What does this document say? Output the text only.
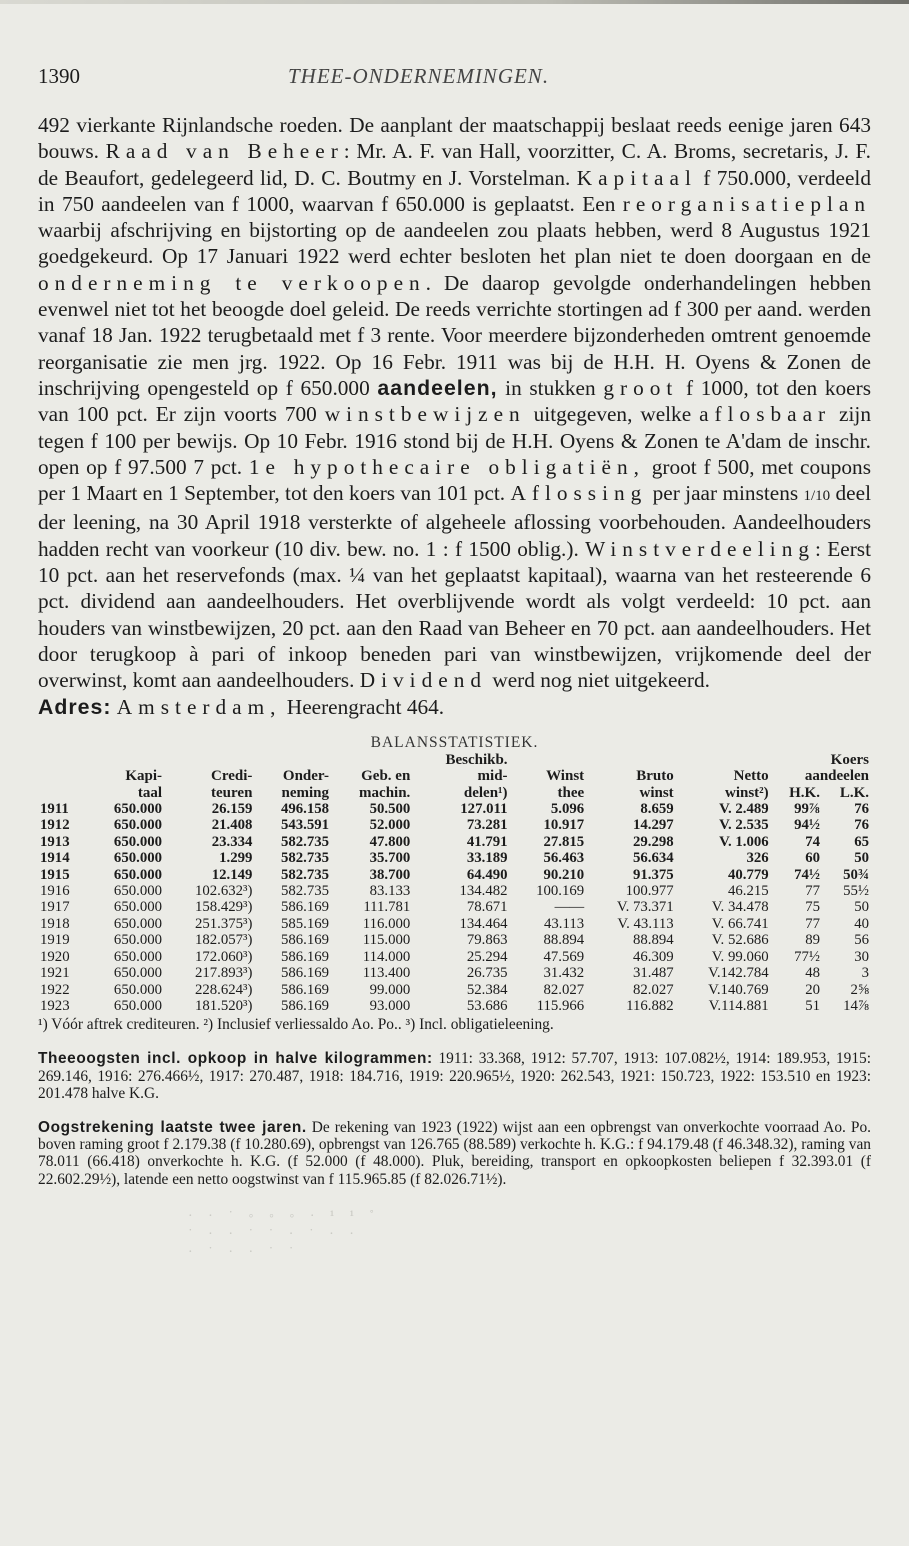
1390	THEE-ONDERNEMINGEN.

492 vierkante Rijnlandsche roeden. De aanplant der maatschappij beslaat reeds eenige jaren 643 bouws. Raad van Beheer: Mr. A. F. van Hall, voorzitter, C. A. Broms, secretaris, J. F. de Beaufort, gedelegeerd lid, D. C. Boutmy en J. Vorstelman. Kapitaal f 750.000, verdeeld in 750 aandeelen van f 1000, waarvan f 650.000 is geplaatst. Een reorganisatieplan waarbij afschrijving en bijstorting op de aandeelen zou plaats hebben, werd 8 Augustus 1921 goedgekeurd. Op 17 Januari 1922 werd echter besloten het plan niet te doen doorgaan en de onderneming te verkoopen. De daarop gevolgde onderhandelingen hebben evenwel niet tot het beoogde doel geleid. De reeds verrichte stortingen ad f 300 per aand. werden vanaf 18 Jan. 1922 terugbetaald met f 3 rente. Voor meerdere bijzonderheden omtrent genoemde reorganisatie zie men jrg. 1922. Op 16 Febr. 1911 was bij de H.H. H. Oyens & Zonen de inschrijving opengesteld op f 650.000 aandeelen, in stukken groot f 1000, tot den koers van 100 pct. Er zijn voorts 700 winstbewijzen uitgegeven, welke aflosbaar zijn tegen f 100 per bewijs. Op 10 Febr. 1916 stond bij de H.H. Oyens & Zonen te A'dam de inschr. open op f 97.500 7 pct. 1e hypothecaire obligatiën, groot f 500, met coupons per 1 Maart en 1 September, tot den koers van 101 pct. Aflossing per jaar minstens 1/10 deel der leening, na 30 April 1918 versterkte of algeheele aflossing voorbehouden. Aandeelhouders hadden recht van voorkeur (10 div. bew. no. 1 : f 1500 oblig.). Winstverdeeling: Eerst 10 pct. aan het reservefonds (max. ¼ van het geplaatst kapitaal), waarna van het resteerende 6 pct. dividend aan aandeelhouders. Het overblijvende wordt als volgt verdeeld: 10 pct. aan houders van winstbewijzen, 20 pct. aan den Raad van Beheer en 70 pct. aan aandeelhouders. Het door terugkoop à pari of inkoop beneden pari van winstbewijzen, vrijkomende deel der overwinst, komt aan aandeelhouders. Dividend werd nog niet uitgekeerd.

Adres: Amsterdam, Heerengracht 464.

BALANSSTATISTIEK.
					Beschikb.				Koers	
	Kapi-	Credi-	Onder-	Geb. en	mid-	Winst	Bruto	Netto	aandeelen	
	taal	teuren	neming	machin.	delen¹)	thee	winst	winst²)	H.K.	L.K.
1911	650.000	26.159	496.158	50.500	127.011	5.096	8.659	V. 2.489	99⅞	76
1912	650.000	21.408	543.591	52.000	73.281	10.917	14.297	V. 2.535	94½	76
1913	650.000	23.334	582.735	47.800	41.791	27.815	29.298	V. 1.006	74	65
1914	650.000	1.299	582.735	35.700	33.189	56.463	56.634	326	60	50
1915	650.000	12.149	582.735	38.700	64.490	90.210	91.375	40.779	74½	50¾
1916	650.000	102.632³)	582.735	83.133	134.482	100.169	100.977	46.215	77	55½
1917	650.000	158.429³)	586.169	111.781	78.671	——	V. 73.371	V. 34.478	75	50
1918	650.000	251.375³)	585.169	116.000	134.464	43.113	V. 43.113	V. 66.741	77	40
1919	650.000	182.057³)	586.169	115.000	79.863	88.894	88.894	V. 52.686	89	56
1920	650.000	172.060³)	586.169	114.000	25.294	47.569	46.309	V. 99.060	77½	30
1921	650.000	217.893³)	586.169	113.400	26.735	31.432	31.487	V.142.784	48	3
1922	650.000	228.624³)	586.169	99.000	52.384	82.027	82.027	V.140.769	20	2⅝
1923	650.000	181.520³)	586.169	93.000	53.686	115.966	116.882	V.114.881	51	14⅞
¹) Vóór aftrek crediteuren. ²) Inclusief verliessaldo Ao. Po.. ³) Incl. obligatieleening.
Theeoogsten incl. opkoop in halve kilogrammen: 1911: 33.368, 1912: 57.707, 1913: 107.082½, 1914: 189.953, 1915: 269.146, 1916: 276.466½, 1917: 270.487, 1918: 184.716, 1919: 220.965½, 1920: 262.543, 1921: 150.723, 1922: 153.510 en 1923: 201.478 halve K.G.
Oogstrekening laatste twee jaren. De rekening van 1923 (1922) wijst aan een opbrengst van onverkochte voorraad Ao. Po. boven raming groot f 2.179.38 (f 10.280.69), opbrengst van 126.765 (88.589) verkochte h. K.G.: f 94.179.48 (f 46.348.32), raming van 78.011 (66.418) onverkochte h. K.G. (f 52.000 (f 48.000). Pluk, bereiding, transport en opkoopkosten beliepen f 32.393.01 (f 22.602.29½), latende een netto oogstwinst van f 115.965.85 (f 82.026.71½).
· · ˙ ◦ ◦ ◦ · ¹ ¹ ˚
˙ · · ˙ ˙ · ˙ · ·
· ˙ · · ˙ ˙
